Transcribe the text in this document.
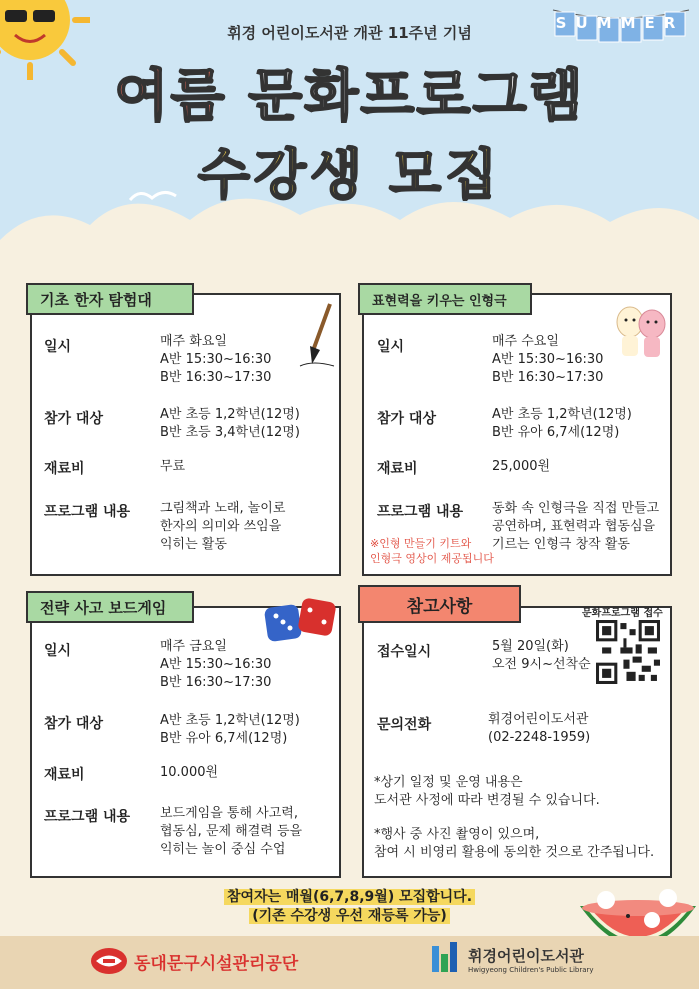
SUMMER
휘경 어린이도서관 개관 11주년 기념
여름 문화프로그램
수강생 모집
기초 한자 탐험대
일시	매주 화요일
A반 15:30~16:30
B반 16:30~17:30
참가 대상	A반 초등 1,2학년(12명)
B반 초등 3,4학년(12명)
재료비	무료
프로그램 내용 그림책과 노래, 놀이로
한자의 의미와 쓰임을
익히는 활동
표현력을 키우는 인형극
일시	매주 수요일
A반 15:30~16:30
B반 16:30~17:30
참가 대상	A반 초등 1,2학년(12명)
B반 유아 6,7세(12명)
재료비	25,000원
프로그램 내용 동화 속 인형극을 직접 만들고
공연하며, 표현력과 협동심을
기르는 인형극 창작 활동
※인형 만들기 키트와
인형극 영상이 제공됩니다
전략 사고 보드게임
일시	매주 금요일
A반 15:30~16:30
B반 16:30~17:30
참가 대상	A반 초등 1,2학년(12명)
B반 유아 6,7세(12명)
재료비	10.000원
프로그램 내용 보드게임을 통해 사고력,
협동심, 문제 해결력 등을
익히는 놀이 중심 수업
참고사항	문화프로그램 접수
접수일시	5월 20일(화)
오전 9시~선착순
문의전화	휘경어린이도서관
(02-2248-1959)
*상기 일정 및 운영 내용은
도서관 사정에 따라 변경될 수 있습니다.
*행사 중 사진 촬영이 있으며,
참여 시 비영리 활용에 동의한 것으로 간주됩니다.
참여자는 매월(6,7,8,9월) 모집합니다.
(기존 수강생 우선 재등록 가능)
동대문구시설관리공단	휘경어린이도서관
Hwigyeong Children's Public Library
